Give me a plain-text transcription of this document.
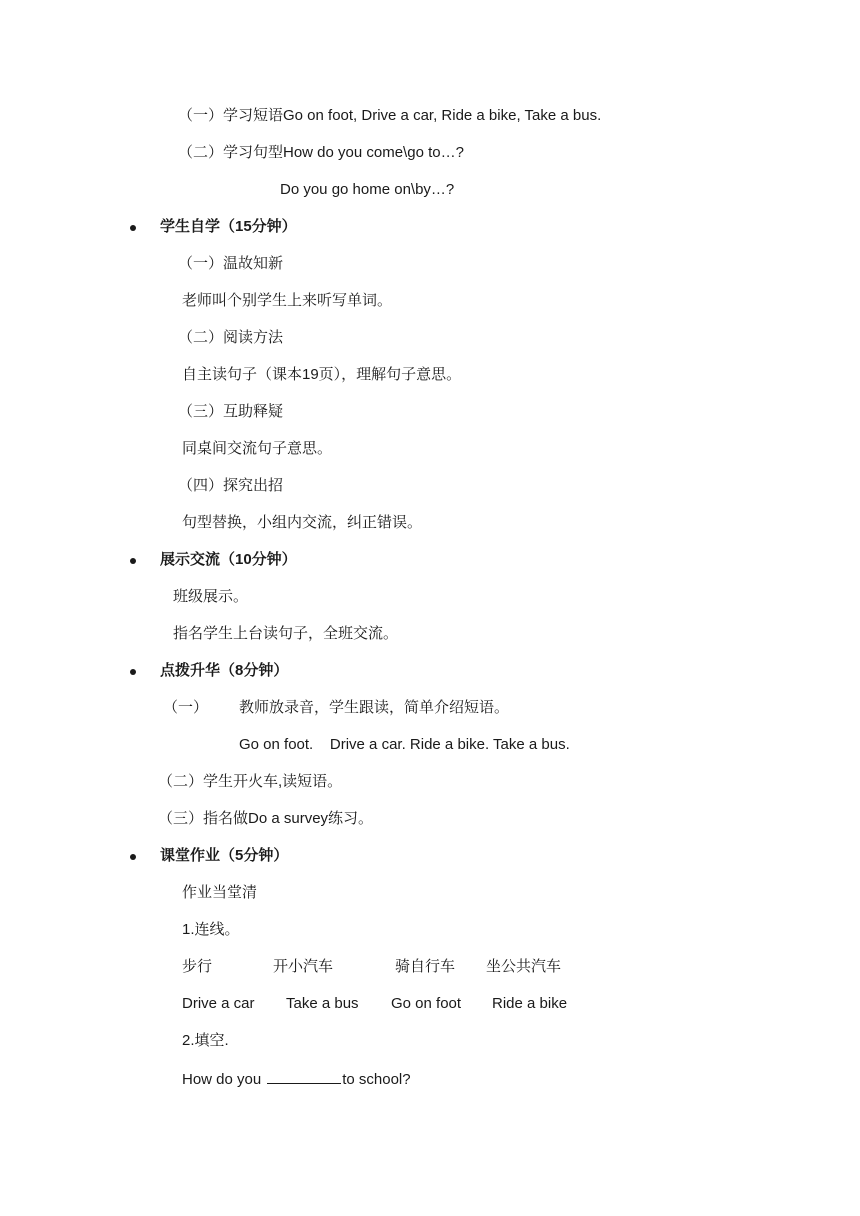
（一）学习短语Go on foot, Drive a car, Ride a bike, Take a bus.
（二）学习句型How do you come\go to…?
Do you go home on\by…?
学生自学（15分钟）
（一）温故知新
老师叫个别学生上来听写单词。
（二）阅读方法
自主读句子（课本19页），理解句子意思。
（三）互助释疑
同桌间交流句子意思。
（四）探究出招
句型替换，小组内交流，纠正错误。
展示交流（10分钟）
班级展示。
指名学生上台读句子，全班交流。
点拨升华（8分钟）
（一） 教师放录音，学生跟读，简单介绍短语。
Go on foot.    Drive a car. Ride a bike. Take a bus.
（二）学生开火车,读短语。
（三）指名做Do a survey练习。
课堂作业（5分钟）
作业当堂清
1.连线。
步行	开小汽车	骑自行车 坐公共汽车
Drive a car Take a bus Go on foot Ride a bike
2.填空.
How do you	to school?
